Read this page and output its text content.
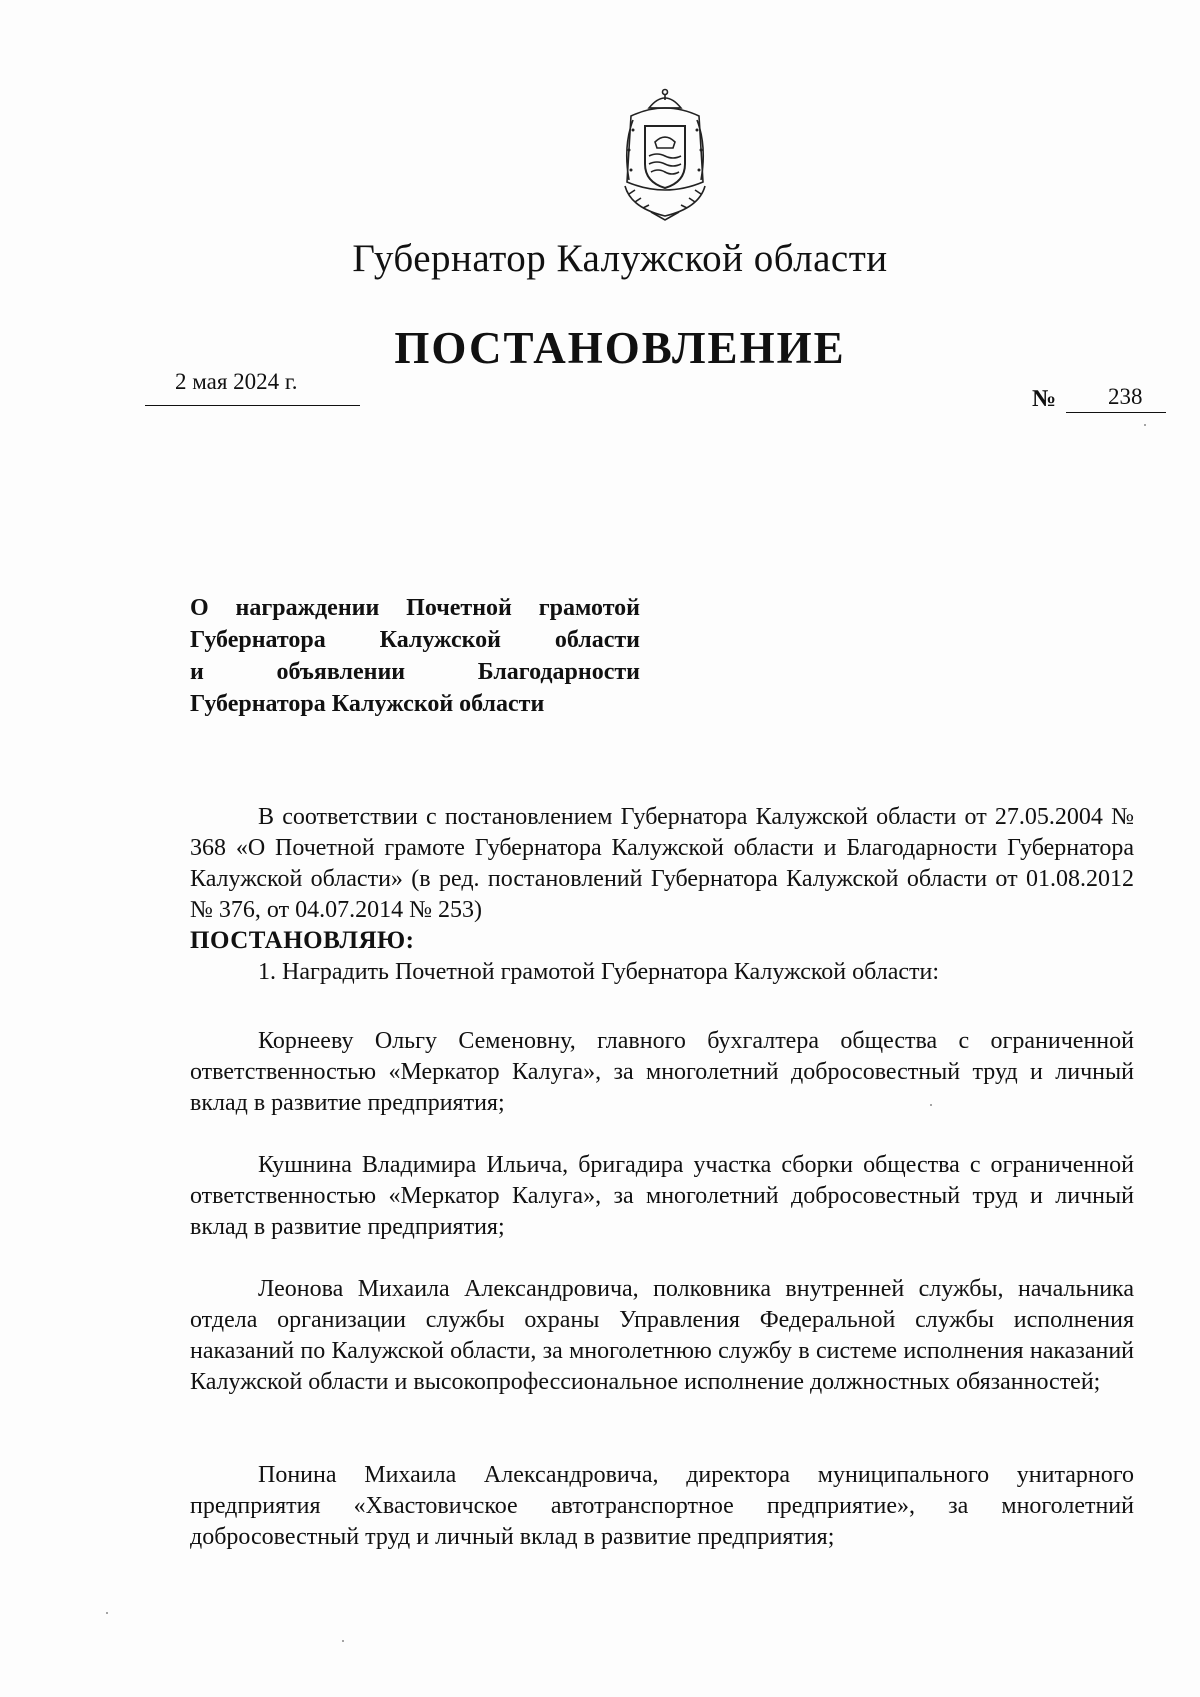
Губернатор Калужской области
ПОСТАНОВЛЕНИЕ
2 мая 2024 г.
№ 238
О награждении Почетной грамотой
Губернатора Калужской области
и объявлении Благодарности
Губернатора Калужской области

В соответствии с постановлением Губернатора Калужской области от 27.05.2004 № 368 «О Почетной грамоте Губернатора Калужской области и Благодарности Губернатора Калужской области» (в ред. постановлений Губернатора Калужской области от 01.08.2012 № 376, от 04.07.2014 № 253)

ПОСТАНОВЛЯЮ:
1. Наградить Почетной грамотой Губернатора Калужской области:

Корнееву Ольгу Семеновну, главного бухгалтера общества с ограниченной ответственностью «Меркатор Калуга», за многолетний добросовестный труд и личный вклад в развитие предприятия;

Кушнина Владимира Ильича, бригадира участка сборки общества с ограниченной ответственностью «Меркатор Калуга», за многолетний добросовестный труд и личный вклад в развитие предприятия;

Леонова Михаила Александровича, полковника внутренней службы, начальника отдела организации службы охраны Управления Федеральной службы исполнения наказаний по Калужской области, за многолетнюю службу в системе исполнения наказаний Калужской области и высокопрофессиональное исполнение должностных обязанностей;

Понина Михаила Александровича, директора муниципального унитарного предприятия «Хвастовичское автотранспортное предприятие», за многолетний добросовестный труд и личный вклад в развитие предприятия;
